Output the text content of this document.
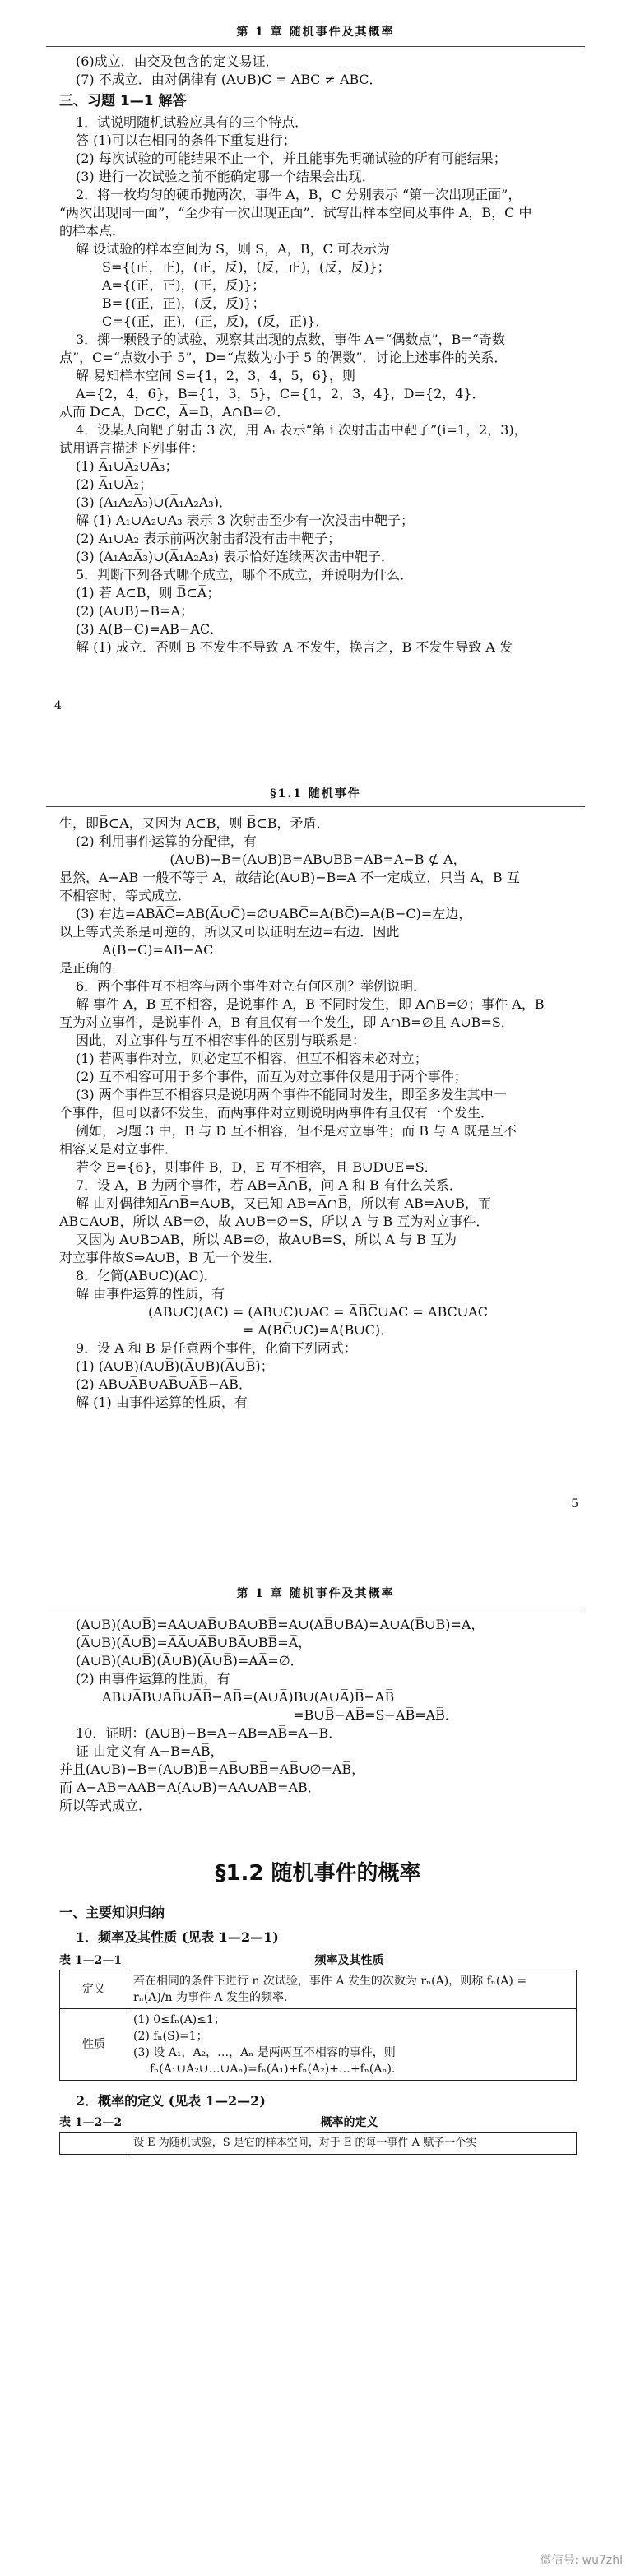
第 1 章 随机事件及其概率
(6)成立．由交及包含的定义易证．
(7) 不成立．由对偶律有 (A∪B)C = A̅B̅C ≠ A̅B̅C̅．
三、习题 1—1 解答
1．试说明随机试验应具有的三个特点．
答 (1)可以在相同的条件下重复进行；
(2) 每次试验的可能结果不止一个，并且能事先明确试验的所有可能结果；
(3) 进行一次试验之前不能确定哪一个结果会出现．
2．将一枚均匀的硬币抛两次，事件 A，B，C 分别表示 “第一次出现正面”，
“两次出现同一面”，“至少有一次出现正面”．试写出样本空间及事件 A，B，C 中
的样本点．
解 设试验的样本空间为 S，则 S，A，B，C 可表示为
S={(正，正)，(正，反)，(反，正)，(反，反)}；
A={(正，正)，(正，反)}；
B={(正，正)，(反，反)}；
C={(正，正)，(正，反)，(反，正)}．
3．掷一颗骰子的试验，观察其出现的点数，事件 A=“偶数点”，B=“奇数
点”，C=“点数小于 5”，D=“点数为小于 5 的偶数”．讨论上述事件的关系．
解 易知样本空间 S={1，2，3，4，5，6}，则
A={2，4，6}，B={1，3，5}，C={1，2，3，4}，D={2，4}．
从而 D⊂A，D⊂C，A̅=B，A∩B=∅．
4．设某人向靶子射击 3 次，用 Aᵢ 表示“第 i 次射击击中靶子”(i=1，2，3)，
试用语言描述下列事件：
(1) A̅₁∪A̅₂∪A̅₃；
(2) A̅₁∪A̅₂；
(3) (A₁A₂A̅₃)∪(A̅₁A₂A₃)．
解 (1) A̅₁∪A̅₂∪A̅₃ 表示 3 次射击至少有一次没击中靶子；
(2) A̅₁∪A̅₂ 表示前两次射击都没有击中靶子；
(3) (A₁A₂A̅₃)∪(A̅₁A₂A₃) 表示恰好连续两次击中靶子．
5．判断下列各式哪个成立，哪个不成立，并说明为什么．
(1) 若 A⊂B，则 B̅⊂A̅；
(2) (A∪B)−B=A；
(3) A(B−C)=AB−AC．
解 (1) 成立．否则 B 不发生不导致 A 不发生，换言之，B 不发生导致 A 发
4
§1.1 随机事件
生，即B̅⊂A，又因为 A⊂B，则 B̅⊂B，矛盾．
(2) 利用事件运算的分配律，有
(A∪B)−B=(A∪B)B̅=AB̅∪BB̅=AB̅=A−B ⊄ A，
显然，A−AB 一般不等于 A，故结论(A∪B)−B=A 不一定成立，只当 A，B 互
不相容时，等式成立．
(3) 右边=ABA̅C̅=AB(A̅∪C̅)=∅∪ABC̅=A(BC̅)=A(B−C)=左边，
以上等式关系是可逆的，所以又可以证明左边=右边．因此
A(B−C)=AB−AC
是正确的．
6．两个事件互不相容与两个事件对立有何区别？举例说明．
解 事件 A，B 互不相容，是说事件 A，B 不同时发生，即 A∩B=∅；事件 A，B
互为对立事件，是说事件 A，B 有且仅有一个发生，即 A∩B=∅且 A∪B=S．
因此，对立事件与互不相容事件的区别与联系是：
(1) 若两事件对立，则必定互不相容，但互不相容未必对立；
(2) 互不相容可用于多个事件，而互为对立事件仅是用于两个事件；
(3) 两个事件互不相容只是说明两个事件不能同时发生，即至多发生其中一
个事件，但可以都不发生，而两事件对立则说明两事件有且仅有一个发生．
例如，习题 3 中，B 与 D 互不相容，但不是对立事件；而 B 与 A 既是互不
相容又是对立事件．
若令 E={6}，则事件 B，D，E 互不相容，且 B∪D∪E=S．
7．设 A，B 为两个事件，若 AB=A̅∩B̅，问 A 和 B 有什么关系．
解 由对偶律知A̅∩B̅=A∪B，又已知 AB=A̅∩B̅，所以有 AB=A∪B，而
AB⊂A∪B，所以 AB=∅，故 A∪B=∅=S，所以 A 与 B 互为对立事件．
又因为 A∪B⊃AB，所以 AB=∅，故A∪B=S，所以 A 与 B 互为
对立事件故S⇒A∪B，B 无一个发生．
8．化简(AB∪C)(AC)．
解 由事件运算的性质，有
(AB∪C)(AC) = (AB∪C)∪AC = A̅B̅C̅∪AC = ABC∪AC
= A(BC̅∪C)=A(B∪C)．
9．设 A 和 B 是任意两个事件，化简下列两式：
(1) (A∪B)(A∪B̅)(A̅∪B)(A̅∪B̅)；
(2) AB∪A̅B∪AB̅∪A̅B̅−AB̅．
解 (1) 由事件运算的性质，有
5
第 1 章 随机事件及其概率
(A∪B)(A∪B̅)=AA∪AB̅∪BA∪BB̅=A∪(AB̅∪BA)=A∪A(B̅∪B)=A，
(A̅∪B)(A̅∪B̅)=A̅A̅∪A̅B̅∪BA̅∪BB̅=A̅，
(A∪B)(A∪B̅)(A̅∪B)(A̅∪B̅)=AA̅=∅．
(2) 由事件运算的性质，有
AB∪A̅B∪AB̅∪A̅B̅−AB̅=(A∪A̅)B∪(A∪A̅)B̅−AB̅
=B∪B̅−AB̅=S−AB̅=AB̅．
10．证明：(A∪B)−B=A−AB=AB̅=A−B．
证 由定义有 A−B=AB̅，
并且(A∪B)−B=(A∪B)B̅=AB̅∪BB̅=AB̅∪∅=AB̅，
而 A−AB=AA̅B̅=A(A̅∪B̅)=AA̅∪AB̅=AB̅．
所以等式成立．
§1.2 随机事件的概率
一、主要知识归纳
1．频率及其性质 (见表 1—2—1)
表 1—2—1	频率及其性质
定义	若在相同的条件下进行 n 次试验，事件 A 发生的次数为 rₙ(A)，则称 fₙ(A) =
rₙ(A)/n 为事件 A 发生的频率．

性质	(1) 0≤fₙ(A)≤1；
(2) fₙ(S)=1；
(3) 设 A₁，A₂，…，Aₙ 是两两互不相容的事件，则
fₙ(A₁∪A₂∪…∪Aₙ)=fₙ(A₁)+fₙ(A₂)+…+fₙ(Aₙ)．
2．概率的定义 (见表 1—2—2)
表 1—2—2	概率的定义
	设 E 为随机试验，S 是它的样本空间，对于 E 的每一事件 A 赋予一个实
微信号: wu7zhl
